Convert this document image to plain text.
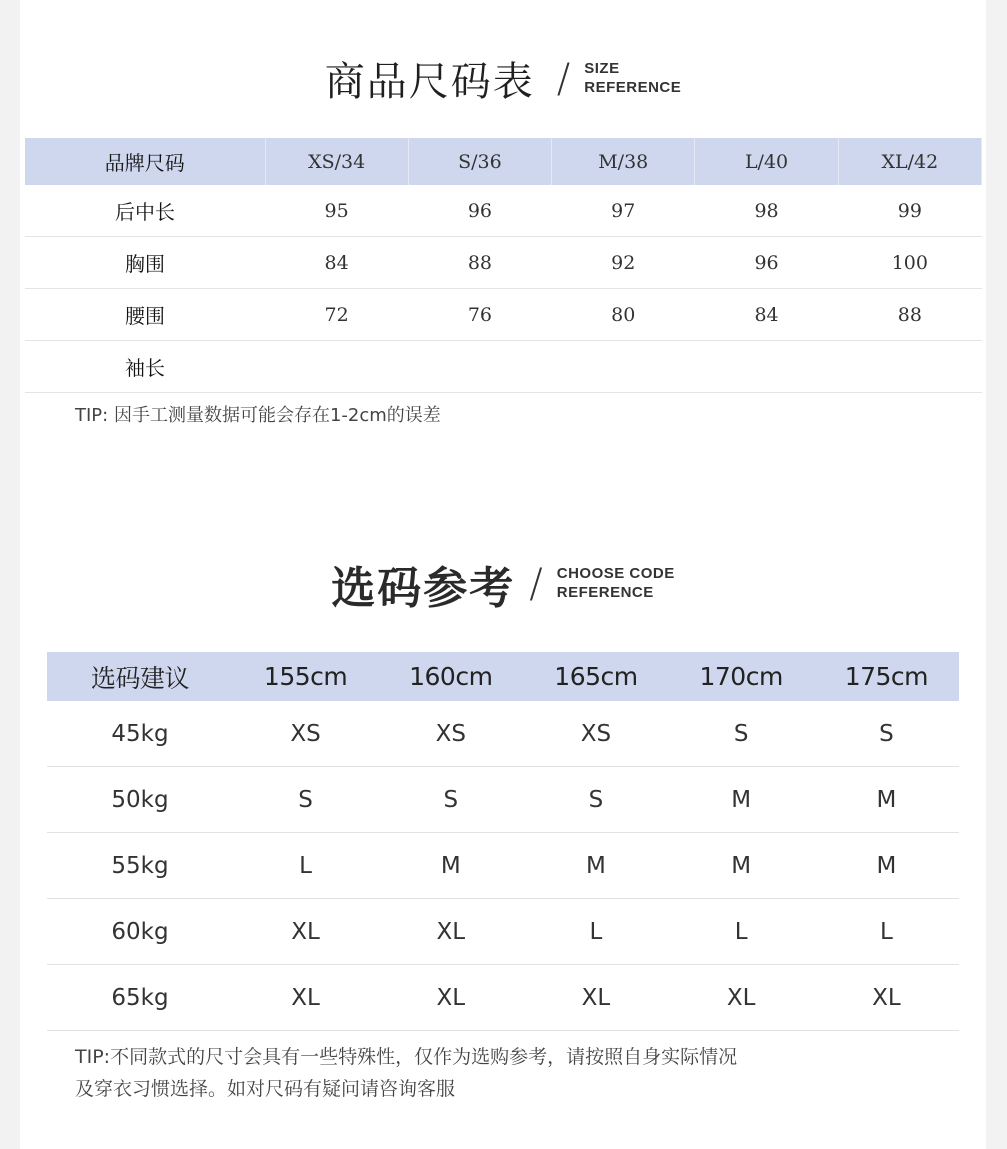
商品尺码表 / SIZE
REFERENCE
品牌尺码	XS/34	S/36	M/38	L/40	XL/42
后中长	95	96	97	98	99
胸围	84	88	92	96	100
腰围	72	76	80	84	88
袖长					
TIP: 因手工测量数据可能会存在1-2cm的误差
选码参考 / CHOOSE CODE
REFERENCE
选码建议	155cm	160cm	165cm	170cm	175cm
45kg	XS	XS	XS	S	S
50kg	S	S	S	M	M
55kg	L	M	M	M	M
60kg	XL	XL	L	L	L
65kg	XL	XL	XL	XL	XL
TIP:不同款式的尺寸会具有一些特殊性，仅作为选购参考，请按照自身实际情况
及穿衣习惯选择。如对尺码有疑问请咨询客服
